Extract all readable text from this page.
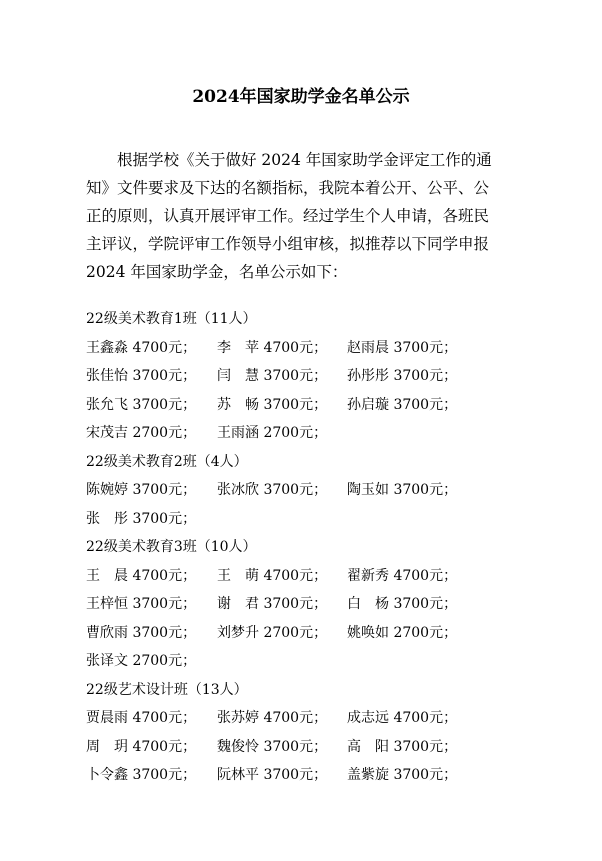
2024年国家助学金名单公示
根据学校《关于做好 2024 年国家助学金评定工作的通
知》文件要求及下达的名额指标，我院本着公开、公平、公
正的原则，认真开展评审工作。经过学生个人申请，各班民
主评议，学院评审工作领导小组审核，拟推荐以下同学申报
2024 年国家助学金，名单公示如下：
22级美术教育1班（11人）
王鑫淼 4700元； 李　苹 4700元； 赵雨晨 3700元；
张佳怡 3700元； 闫　慧 3700元； 孙彤彤 3700元；
张允飞 3700元； 苏　畅 3700元； 孙启璇 3700元；
宋茂吉 2700元； 王雨涵 2700元；
22级美术教育2班（4人）
陈婉婷 3700元； 张冰欣 3700元； 陶玉如 3700元；
张　彤 3700元；
22级美术教育3班（10人）
王　晨 4700元； 王　萌 4700元； 翟新秀 4700元；
王梓恒 3700元； 谢　君 3700元； 白　杨 3700元；
曹欣雨 3700元； 刘梦升 2700元； 姚唤如 2700元；
张译文 2700元；
22级艺术设计班（13人）
贾晨雨 4700元； 张苏婷 4700元； 成志远 4700元；
周　玥 4700元； 魏俊怜 3700元； 高　阳 3700元；
卜令鑫 3700元； 阮林平 3700元； 盖紫旋 3700元；
